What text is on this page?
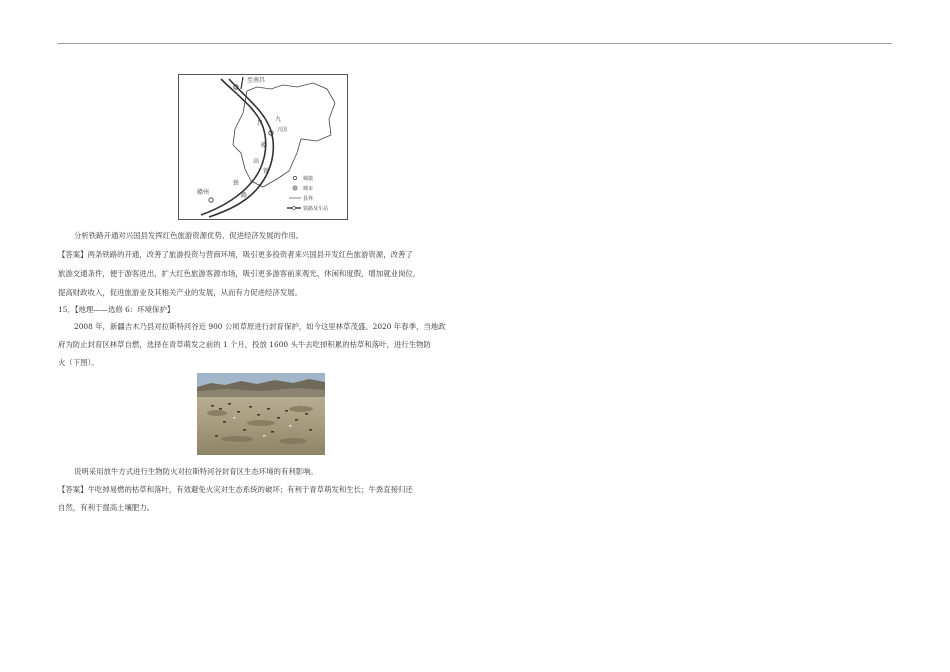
至南昌
兴国
昌
九
赣
高
铁
铁
路
赣州
城镇
城市
县界
铁路及车站
分析铁路开通对兴国县发挥红色旅游资源优势、促进经济发展的作用。
【答案】两条铁路的开通，改善了旅游投资与营商环境，吸引更多投资者来兴国县开发红色旅游资源，改善了
旅游交通条件，便于游客进出，扩大红色旅游客源市场，吸引更多游客前来观光、休闲和度假，增加就业岗位，
提高财政收入，促进旅游业及其相关产业的发展，从而有力促进经济发展。
15．【地理——选修 6：环境保护】
2008 年，新疆吉木乃县对拉斯特河谷近 900 公顷草原进行封育保护，如今这里林草茂盛。2020 年春季，当地政
府为防止封育区林草自燃，选择在青草萌发之前的 1 个月，投放 1600 头牛去吃掉积累的枯草和落叶，进行生物防
火（下图）。
说明采用放牛方式进行生物防火对拉斯特河谷封育区生态环境的有利影响。
【答案】牛吃掉易燃的枯草和落叶，有效避免火灾对生态系统的破坏；有利于青草萌发和生长；牛粪直接归还
自然，有利于提高土壤肥力。
